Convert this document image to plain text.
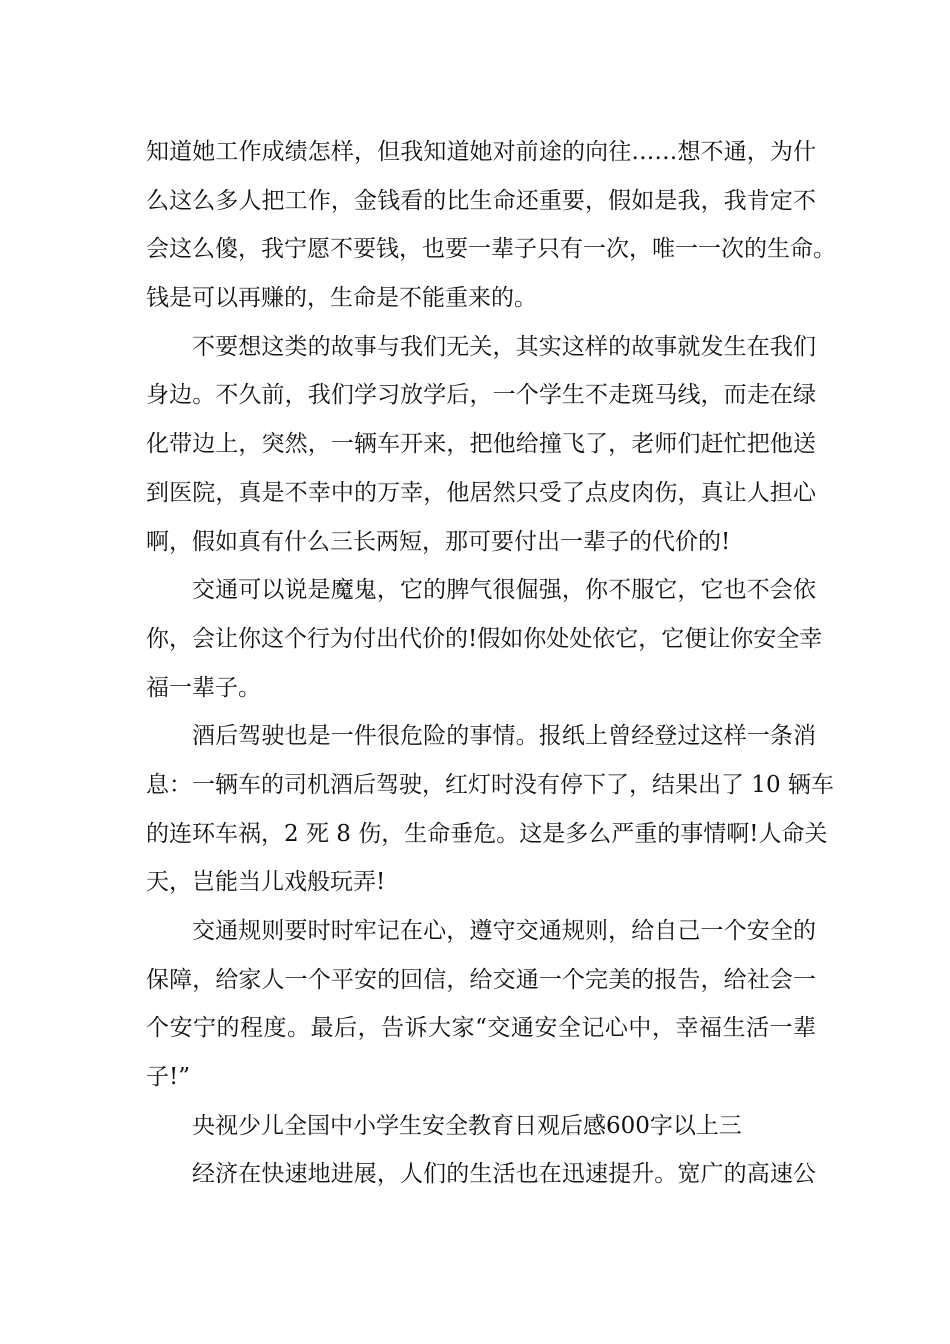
知道她工作成绩怎样，但我知道她对前途的向往……想不通，为什
么这么多人把工作，金钱看的比生命还重要，假如是我，我肯定不
会这么傻，我宁愿不要钱，也要一辈子只有一次，唯一一次的生命。
钱是可以再赚的，生命是不能重来的。
不要想这类的故事与我们无关，其实这样的故事就发生在我们
身边。不久前，我们学习放学后，一个学生不走斑马线，而走在绿
化带边上，突然，一辆车开来，把他给撞飞了，老师们赶忙把他送
到医院，真是不幸中的万幸，他居然只受了点皮肉伤，真让人担心
啊，假如真有什么三长两短，那可要付出一辈子的代价的!
交通可以说是魔鬼，它的脾气很倔强，你不服它，它也不会依
你，会让你这个行为付出代价的!假如你处处依它，它便让你安全幸
福一辈子。
酒后驾驶也是一件很危险的事情。报纸上曾经登过这样一条消
息：一辆车的司机酒后驾驶，红灯时没有停下了，结果出了 10 辆车
的连环车祸，2 死 8 伤，生命垂危。这是多么严重的事情啊!人命关
天，岂能当儿戏般玩弄!
交通规则要时时牢记在心，遵守交通规则，给自己一个安全的
保障，给家人一个平安的回信，给交通一个完美的报告，给社会一
个安宁的程度。最后，告诉大家“交通安全记心中，幸福生活一辈
子!”
央视少儿全国中小学生安全教育日观后感600字以上三
经济在快速地进展，人们的生活也在迅速提升。宽广的高速公
